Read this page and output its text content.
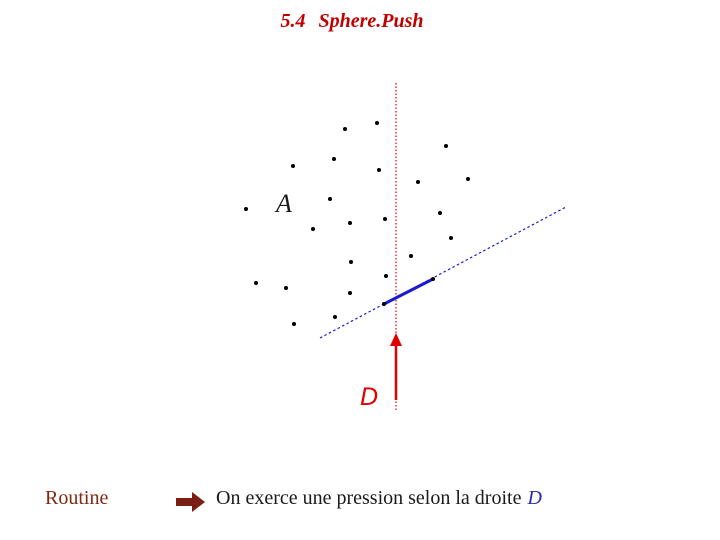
5.4 Sphere.Push
A
D
Routine	On exerce une pression selon la droite D
